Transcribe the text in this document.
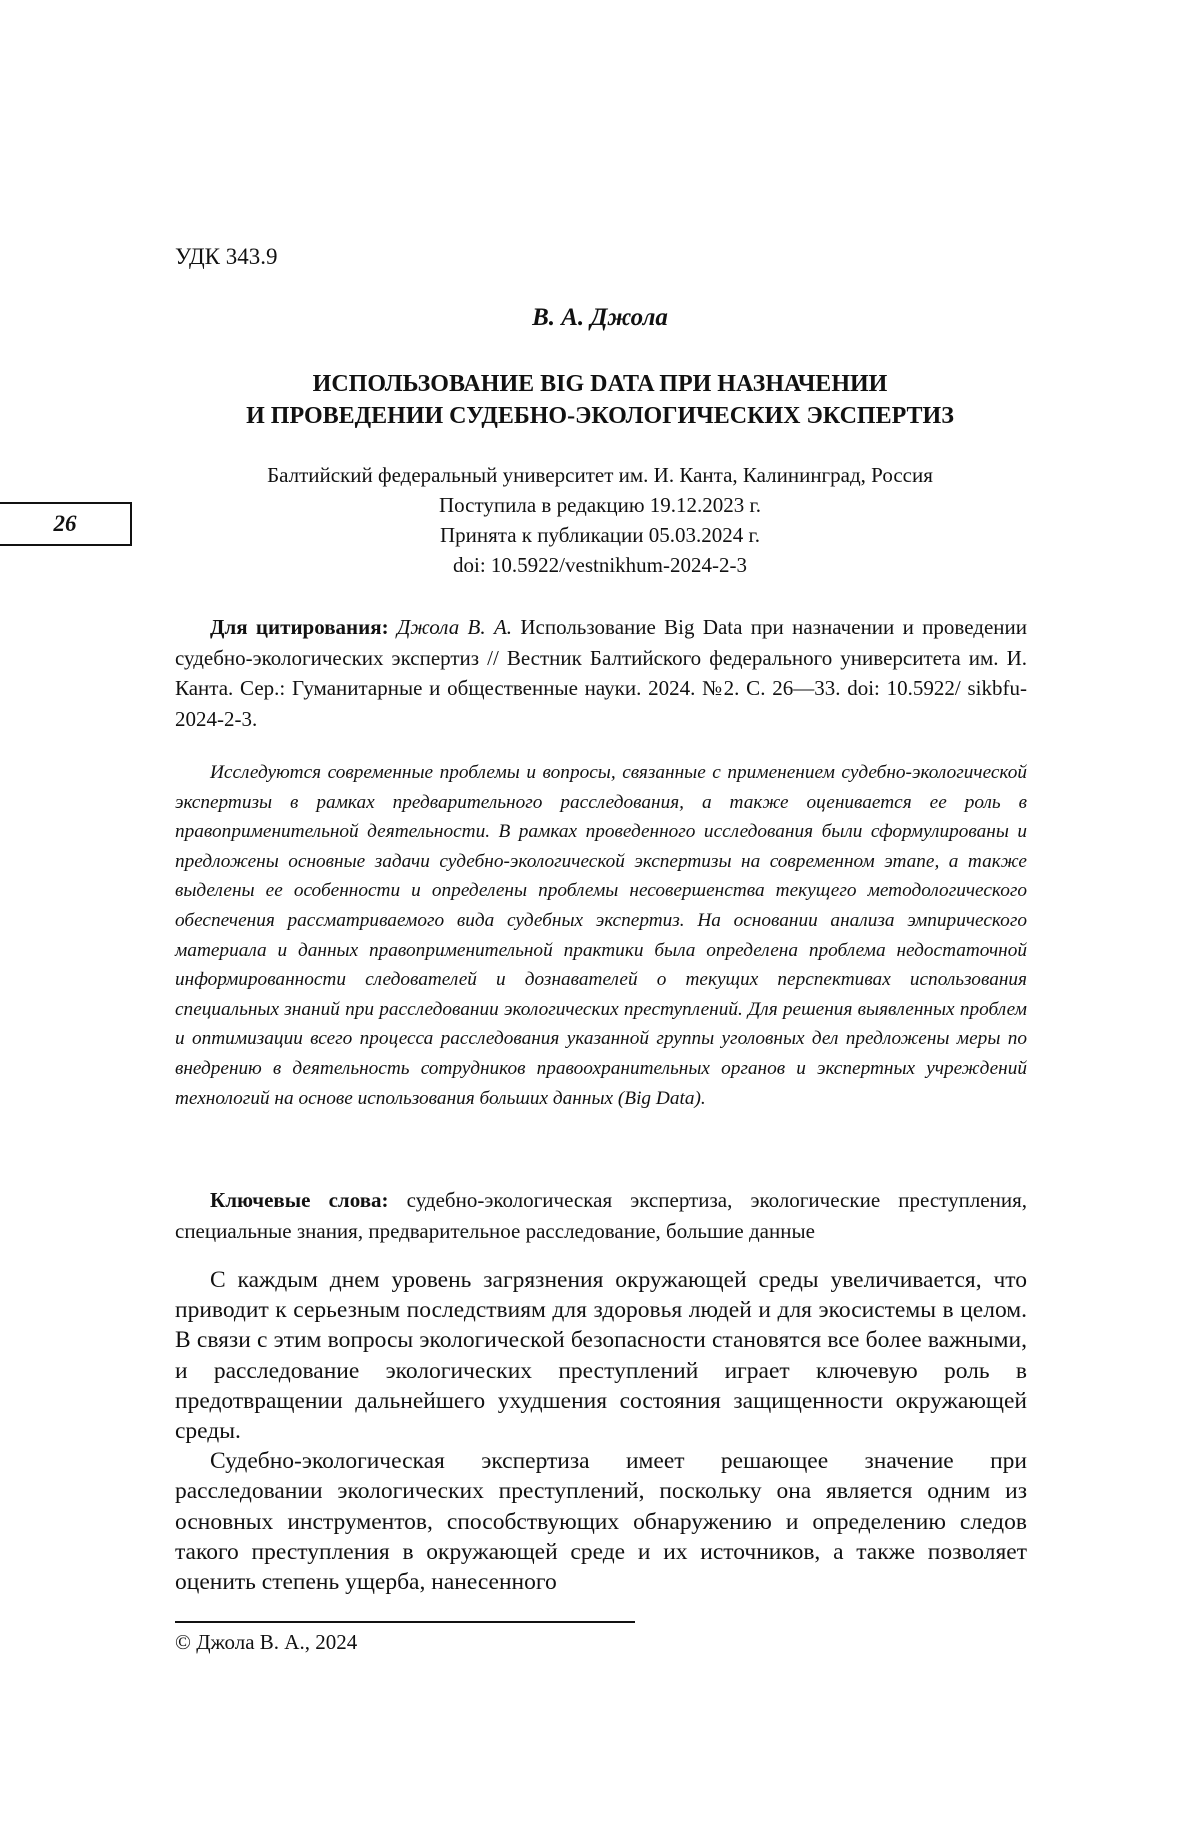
УДК 343.9
В. А. Джола
ИСПОЛЬЗОВАНИЕ BIG DATA ПРИ НАЗНАЧЕНИИ
И ПРОВЕДЕНИИ СУДЕБНО-ЭКОЛОГИЧЕСКИХ ЭКСПЕРТИЗ
Балтийский федеральный университет им. И. Канта, Калининград, Россия
Поступила в редакцию 19.12.2023 г.
Принята к публикации 05.03.2024 г.
doi: 10.5922/vestnikhum-2024-2-3
26
Для цитирования: Джола В. А. Использование Big Data при назначении и проведении судебно-экологических экспертиз // Вестник Балтийского федерального университета им. И. Канта. Сер.: Гуманитарные и общественные науки. 2024. №2. С. 26—33. doi: 10.5922/ sikbfu-2024-2-3.
Исследуются современные проблемы и вопросы, связанные с применением судебно-экологической экспертизы в рамках предварительного расследования, а также оценивается ее роль в правоприменительной деятельности. В рамках проведенного исследования были сформулированы и предложены основные задачи судебно-экологической экспертизы на современном этапе, а также выделены ее особенности и определены проблемы несовершенства текущего методологического обеспечения рассматриваемого вида судебных экспертиз. На основании анализа эмпирического материала и данных правоприменительной практики была определена проблема недостаточной информированности следователей и дознавателей о текущих перспективах использования специальных знаний при расследовании экологических преступлений. Для решения выявленных проблем и оптимизации всего процесса расследования указанной группы уголовных дел предложены меры по внедрению в деятельность сотрудников правоохранительных органов и экспертных учреждений технологий на основе использования больших данных (Big Data).
Ключевые слова: судебно-экологическая экспертиза, экологические преступления, специальные знания, предварительное расследование, большие данные

С каждым днем уровень загрязнения окружающей среды увеличивается, что приводит к серьезным последствиям для здоровья людей и для экосистемы в целом. В связи с этим вопросы экологической безопасности становятся все более важными, и расследование экологических преступлений играет ключевую роль в предотвращении дальнейшего ухудшения состояния защищенности окружающей среды.

Судебно-экологическая экспертиза имеет решающее значение при расследовании экологических преступлений, поскольку она является одним из основных инструментов, способствующих обнаружению и определению следов такого преступления в окружающей среде и их источников, а также позволяет оценить степень ущерба, нанесенного

© Джола В. А., 2024
